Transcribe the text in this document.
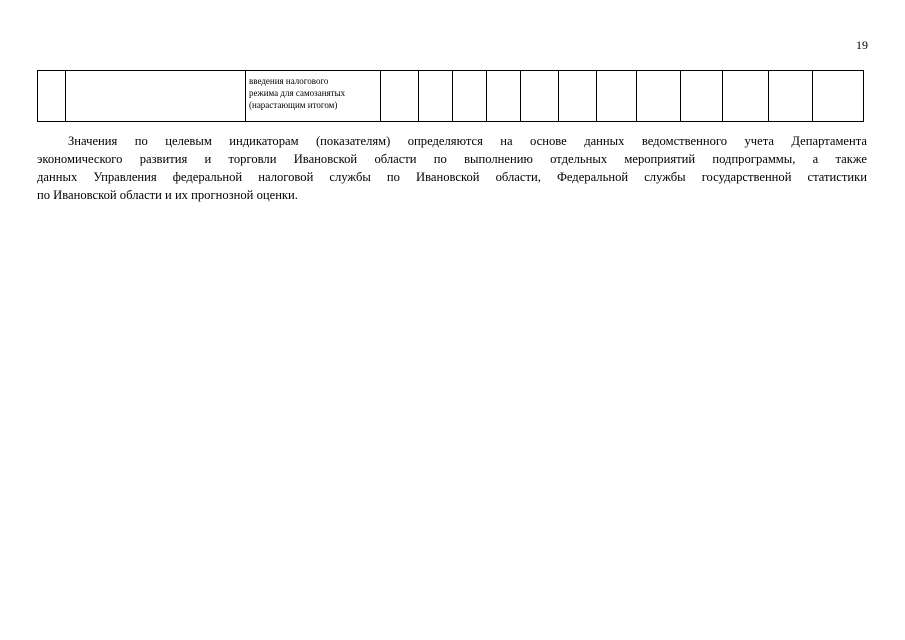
19

введения налогового
режима для самозанятых
(нарастающим итогом)

Значения по целевым индикаторам (показателям) определяются на основе данных ведомственного учета Департамента
экономического развития и торговли Ивановской области по выполнению отдельных мероприятий подпрограммы, а также
данных Управления федеральной налоговой службы по Ивановской области, Федеральной службы государственной статистики
по Ивановской области и их прогнозной оценки.
